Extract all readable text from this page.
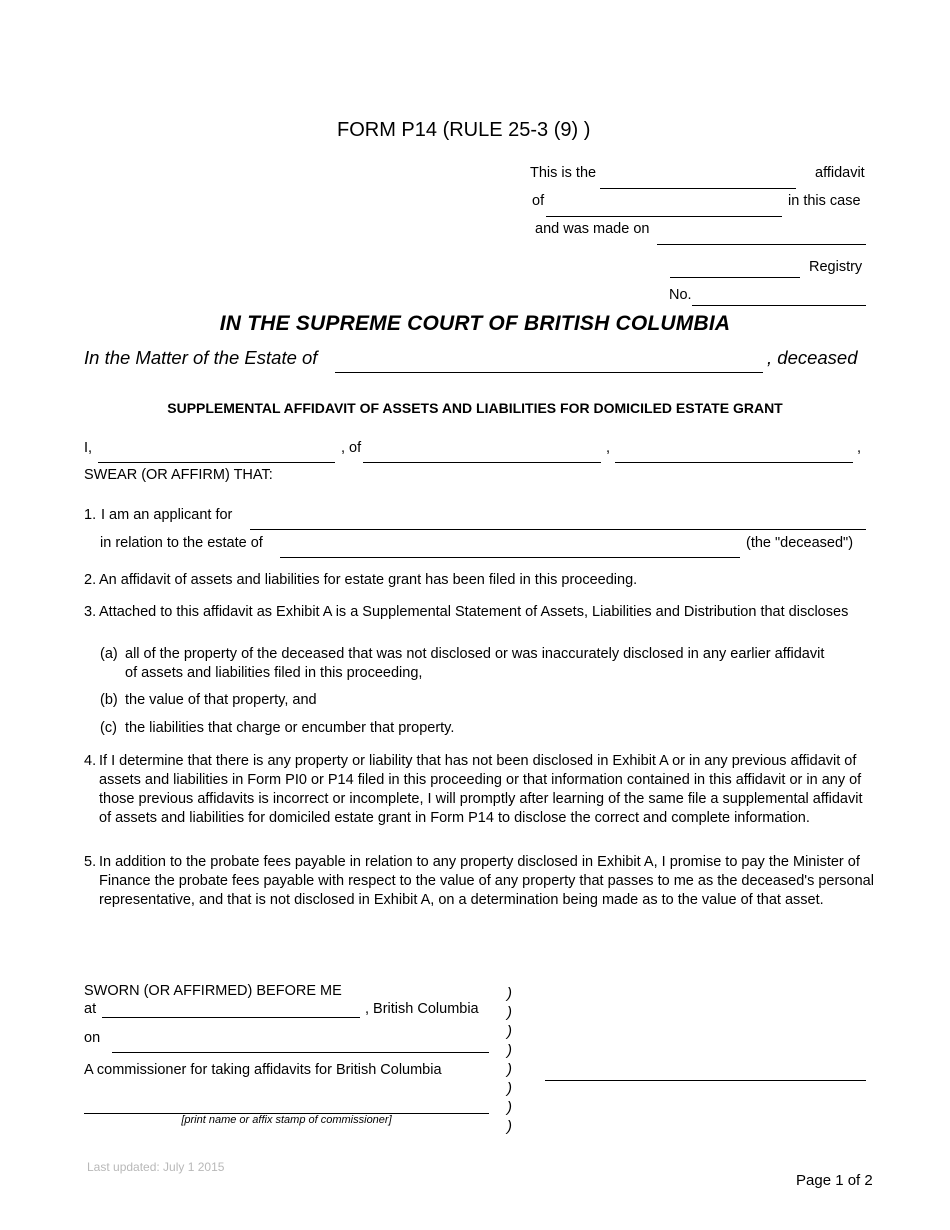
FORM P14 (RULE 25-3 (9) )
This is the	affidavit
of	in this case
and was made on
Registry
No.
IN THE SUPREME COURT OF BRITISH COLUMBIA
In the Matter of the Estate of	, deceased
SUPPLEMENTAL AFFIDAVIT OF ASSETS AND LIABILITIES FOR DOMICILED ESTATE GRANT
I,	, of	,	,
SWEAR (OR AFFIRM) THAT:
1. I am an applicant for
in relation to the estate of	(the "deceased")
2. An affidavit of assets and liabilities for estate grant has been filed in this proceeding.
3. Attached to this affidavit as Exhibit A is a Supplemental Statement of Assets, Liabilities and Distribution that discloses
(a) all of the property of the deceased that was not disclosed or was inaccurately disclosed in any earlier affidavit of assets and liabilities filed in this proceeding,
(b) the value of that property, and
(c) the liabilities that charge or encumber that property.
4. If I determine that there is any property or liability that has not been disclosed in Exhibit A or in any previous affidavit of assets and liabilities in Form PI0 or P14 filed in this proceeding or that information contained in this affidavit or in any of those previous affidavits is incorrect or incomplete, I will promptly after learning of the same file a supplemental affidavit of assets and liabilities for domiciled estate grant in Form P14 to disclose the correct and complete information.
5. In addition to the probate fees payable in relation to any property disclosed in Exhibit A, I promise to pay the Minister of Finance the probate fees payable with respect to the value of any property that passes to me as the deceased's personal representative, and that is not disclosed in Exhibit A, on a determination being made as to the value of that asset.
SWORN (OR AFFIRMED) BEFORE ME
at	, British Columbia
on
A commissioner for taking affidavits for British Columbia
[print name or affix stamp of commissioner]
)
)
)
)
)
)
)
)
Last updated: July 1 2015
Page 1 of 2
